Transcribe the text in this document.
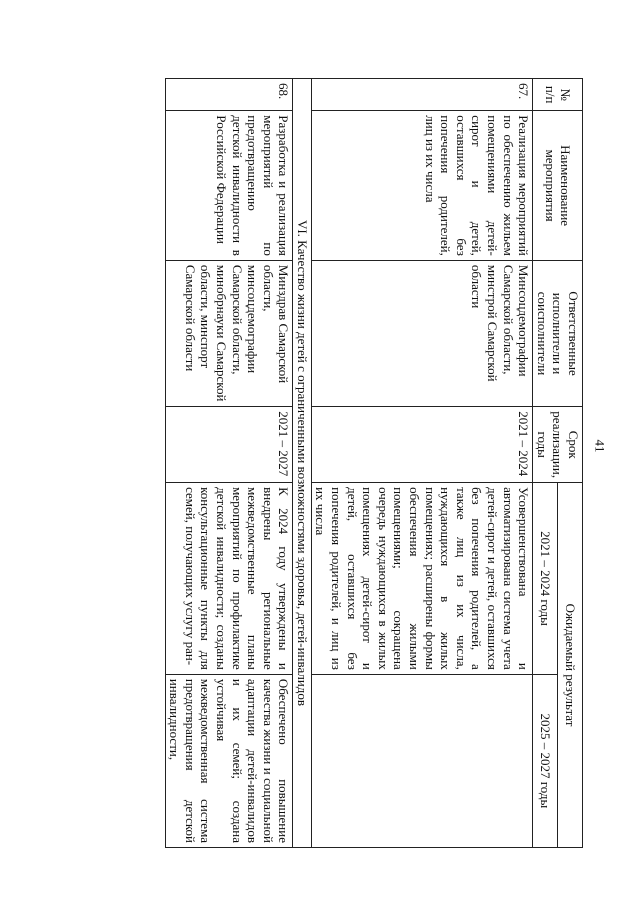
41
№ п/п	Наименование мероприятия	Ответственные исполнители и соисполнители	Срок реализации, годы	Ожидаемый результат	
				2021 – 2024 годы	2025 – 2027 годы
67.	Реализация мероприятий по обеспечению жильем помещениями детей-сирот и детей, оставшихся без попечения родителей, лиц из их числа	Минсоцдемографии Самарской области, минстрой Самарской области	2021 – 2024	Усовершенствована и автоматизирована система учета детей-сирот и детей, оставшихся без попечения родителей, а также лиц из их числа, нуждающихся в жилых помещениях; расширены формы обеспечения жилыми помещениями; сокращена очередь нуждающихся в жилых помещениях детей-сирот и детей, оставшихся без попечения родителей, и лиц из их числа	
VI. Качество жизни детей с ограниченными возможностями здоровья, детей-инвалидов					
68.	Разработка и реализация мероприятий по предотвращению детской инвалидности в Российской Федерации	Минздрав Самарской области, минсоцдемографии Самарской области, минобрнауки Самарской области, минспорт Самарской области	2021 – 2027	К 2024 году утверждены и внедрены региональные межведомственные планы мероприятий по профилактике детской инвалидности; созданы консультационные пункты для семей, получающих услугу ран-	Обеспечено повышение качества жизни и социальной адаптации детей-инвалидов и их семей; создана устойчивая межведомственная система предотвращения детской инвалидности,
